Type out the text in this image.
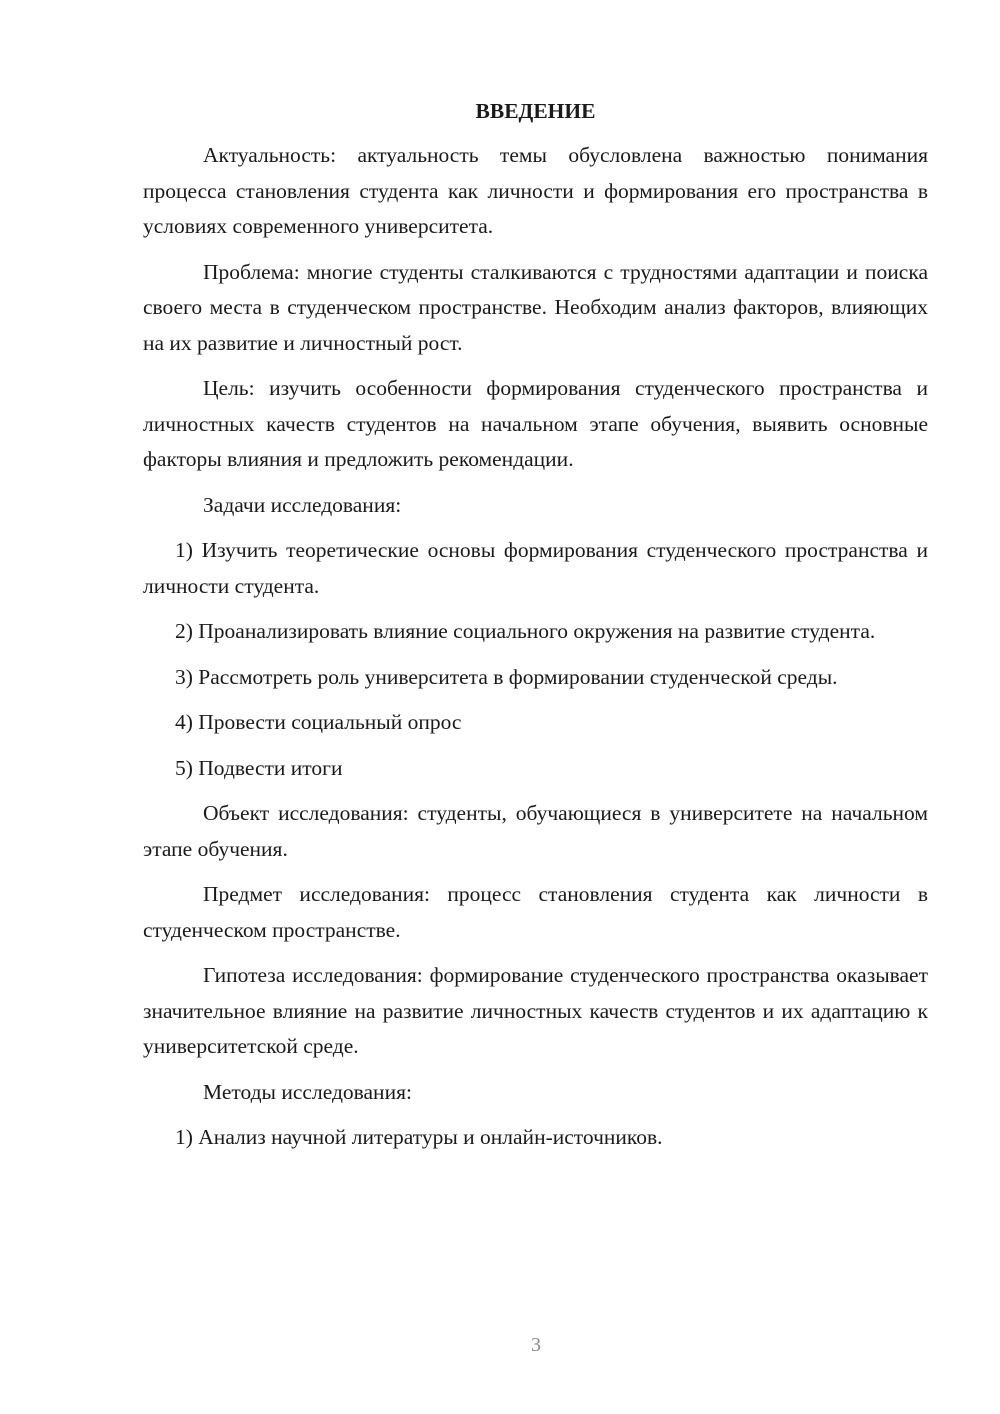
ВВЕДЕНИЕ

Актуальность: актуальность темы обусловлена важностью понимания процесса становления студента как личности и формирования его пространства в условиях современного университета.

Проблема: многие студенты сталкиваются с трудностями адаптации и поиска своего места в студенческом пространстве. Необходим анализ факторов, влияющих на их развитие и личностный рост.

Цель: изучить особенности формирования студенческого пространства и личностных качеств студентов на начальном этапе обучения, выявить основные факторы влияния и предложить рекомендации.

Задачи исследования:

1) Изучить теоретические основы формирования студенческого пространства и личности студента.

2) Проанализировать влияние социального окружения на развитие студента.

3) Рассмотреть роль университета в формировании студенческой среды.

4) Провести социальный опрос

5) Подвести итоги

Объект исследования: студенты, обучающиеся в университете на начальном этапе обучения.

Предмет исследования: процесс становления студента как личности в студенческом пространстве.

Гипотеза исследования: формирование студенческого пространства оказывает значительное влияние на развитие личностных качеств студентов и их адаптацию к университетской среде.

Методы исследования:

1) Анализ научной литературы и онлайн-источников.

3
